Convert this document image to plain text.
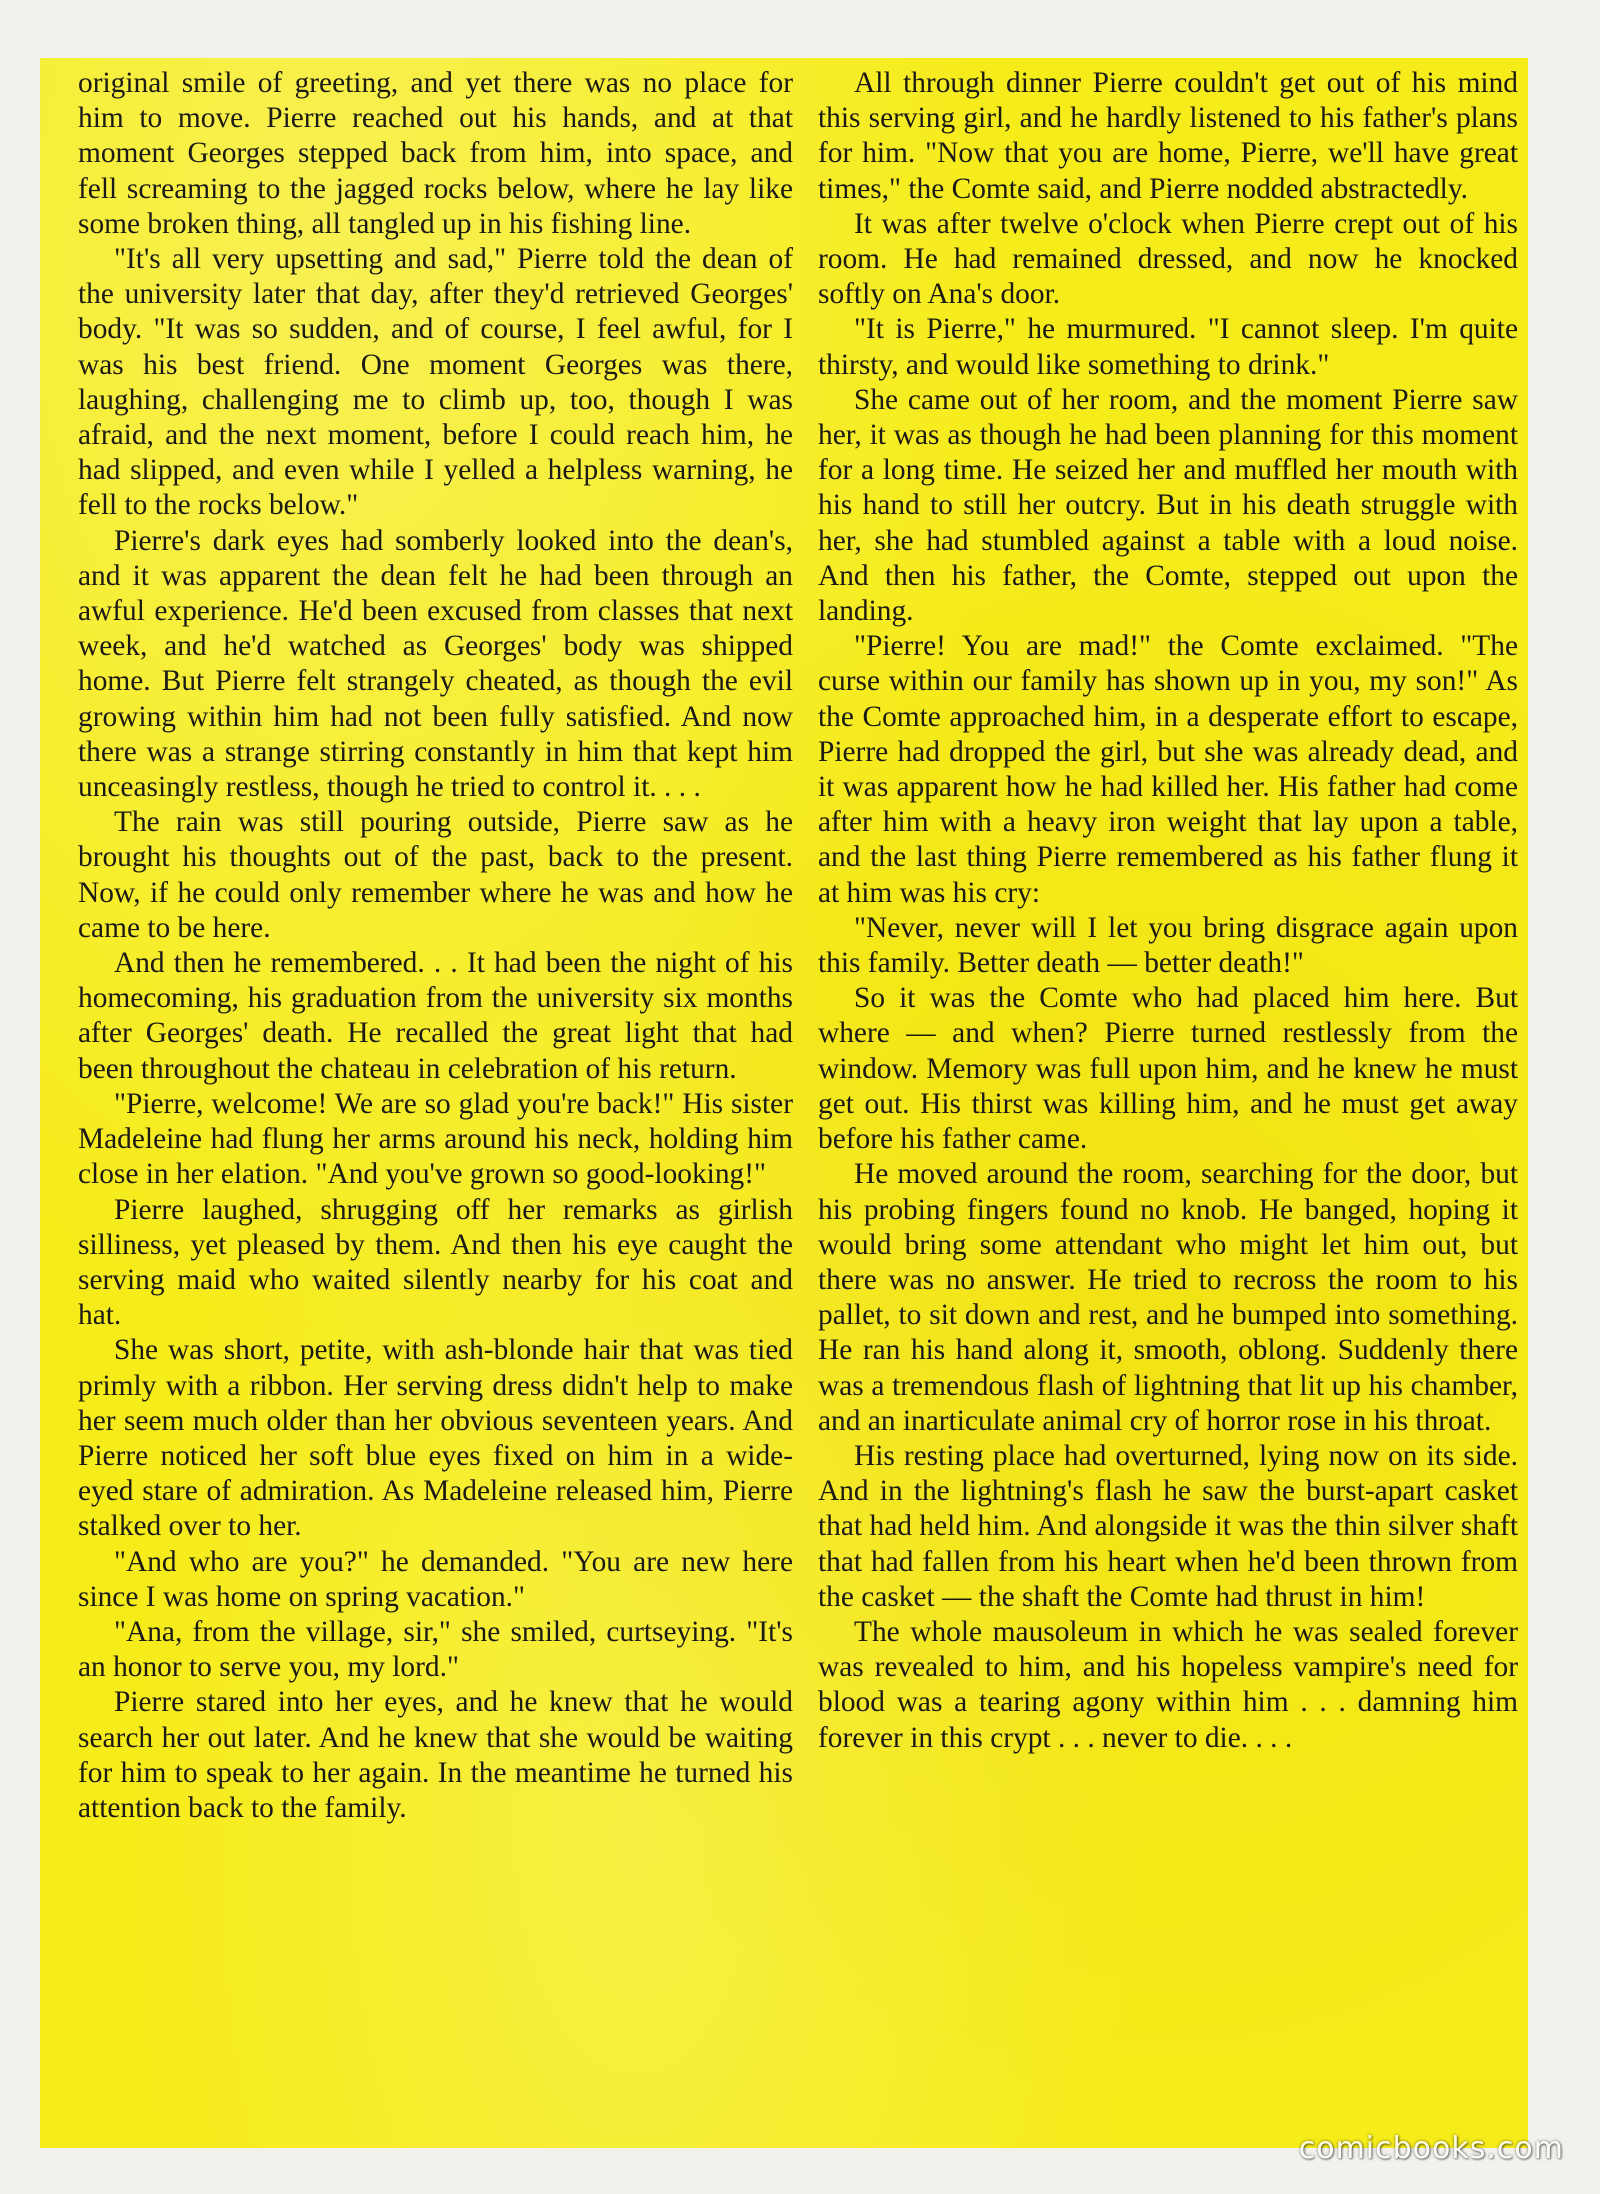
original smile of greeting, and yet there was no place for him to move. Pierre reached out his hands, and at that moment Georges stepped back from him, into space, and fell screaming to the jagged rocks below, where he lay like some broken thing, all tangled up in his fishing line.

"It's all very upsetting and sad," Pierre told the dean of the university later that day, after they'd retrieved Georges' body. "It was so sudden, and of course, I feel awful, for I was his best friend. One moment Georges was there, laughing, challenging me to climb up, too, though I was afraid, and the next moment, before I could reach him, he had slipped, and even while I yelled a helpless warning, he fell to the rocks below."

Pierre's dark eyes had somberly looked into the dean's, and it was apparent the dean felt he had been through an awful experience. He'd been excused from classes that next week, and he'd watched as Georges' body was shipped home. But Pierre felt strangely cheated, as though the evil growing within him had not been fully satisfied. And now there was a strange stirring constantly in him that kept him unceasingly restless, though he tried to control it. . . .

The rain was still pouring outside, Pierre saw as he brought his thoughts out of the past, back to the present. Now, if he could only remember where he was and how he came to be here.

And then he remembered. . . It had been the night of his homecoming, his graduation from the university six months after Georges' death. He recalled the great light that had been throughout the chateau in celebration of his return.

"Pierre, welcome! We are so glad you're back!" His sister Madeleine had flung her arms around his neck, holding him close in her elation. "And you've grown so good-looking!"

Pierre laughed, shrugging off her remarks as girlish silliness, yet pleased by them. And then his eye caught the serving maid who waited silently nearby for his coat and hat.

She was short, petite, with ash-blonde hair that was tied primly with a ribbon. Her serving dress didn't help to make her seem much older than her obvious seventeen years. And Pierre noticed her soft blue eyes fixed on him in a wide-eyed stare of admiration. As Madeleine released him, Pierre stalked over to her.

"And who are you?" he demanded. "You are new here since I was home on spring vacation."

"Ana, from the village, sir," she smiled, curtseying. "It's an honor to serve you, my lord."

Pierre stared into her eyes, and he knew that he would search her out later. And he knew that she would be waiting for him to speak to her again. In the meantime he turned his attention back to the family.

All through dinner Pierre couldn't get out of his mind this serving girl, and he hardly listened to his father's plans for him. "Now that you are home, Pierre, we'll have great times," the Comte said, and Pierre nodded abstractedly.

It was after twelve o'clock when Pierre crept out of his room. He had remained dressed, and now he knocked softly on Ana's door.

"It is Pierre," he murmured. "I cannot sleep. I'm quite thirsty, and would like something to drink."

She came out of her room, and the moment Pierre saw her, it was as though he had been planning for this moment for a long time. He seized her and muffled her mouth with his hand to still her outcry. But in his death struggle with her, she had stumbled against a table with a loud noise. And then his father, the Comte, stepped out upon the landing.

"Pierre! You are mad!" the Comte exclaimed. "The curse within our family has shown up in you, my son!" As the Comte approached him, in a desperate effort to escape, Pierre had dropped the girl, but she was already dead, and it was apparent how he had killed her. His father had come after him with a heavy iron weight that lay upon a table, and the last thing Pierre remembered as his father flung it at him was his cry:

"Never, never will I let you bring disgrace again upon this family. Better death — better death!"

So it was the Comte who had placed him here. But where — and when? Pierre turned restlessly from the window. Memory was full upon him, and he knew he must get out. His thirst was killing him, and he must get away before his father came.

He moved around the room, searching for the door, but his probing fingers found no knob. He banged, hoping it would bring some attendant who might let him out, but there was no answer. He tried to recross the room to his pallet, to sit down and rest, and he bumped into something. He ran his hand along it, smooth, oblong. Suddenly there was a tremendous flash of lightning that lit up his chamber, and an inarticulate animal cry of horror rose in his throat.

His resting place had overturned, lying now on its side. And in the lightning's flash he saw the burst-apart casket that had held him. And alongside it was the thin silver shaft that had fallen from his heart when he'd been thrown from the casket — the shaft the Comte had thrust in him!

The whole mausoleum in which he was sealed forever was revealed to him, and his hopeless vampire's need for blood was a tearing agony within him . . . damning him forever in this crypt . . . never to die. . . .

comicbooks.com
